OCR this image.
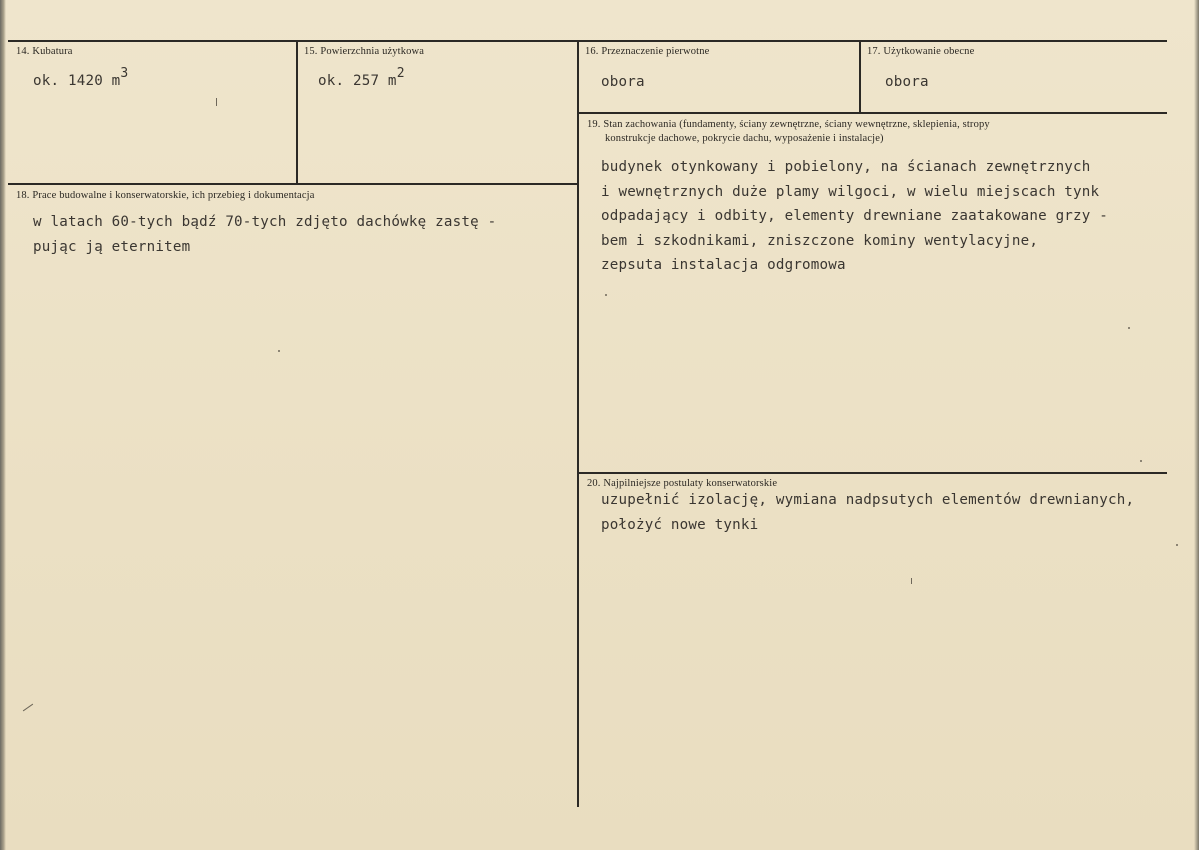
14. Kubatura
ok. 1420 $m^3$
15. Powierzchnia użytkowa
ok. 257 $m^2$
16. Przeznaczenie pierwotne
obora
17. Użytkowanie obecne
obora
18. Prace budowalne i konserwatorskie, ich przebieg i dokumentacja
w latach 60-tych bądź 70-tych zdjęto dachówkę zastę -
pując ją eternitem
19. Stan zachowania (fundamenty, ściany zewnętrzne, ściany wewnętrzne, sklepienia, stropy
konstrukcje dachowe, pokrycie dachu, wyposażenie i instalacje)
budynek otynkowany i pobielony, na ścianach zewnętrznych
i wewnętrznych duże plamy wilgoci, w wielu miejscach tynk
odpadający i odbity, elementy drewniane zaatakowane grzy -
bem i szkodnikami, zniszczone kominy wentylacyjne,
zepsuta instalacja odgromowa
20. Najpilniejsze postulaty konserwatorskie
uzupełnić izolację, wymiana nadpsutych elementów drewnianych,
położyć nowe tynki
